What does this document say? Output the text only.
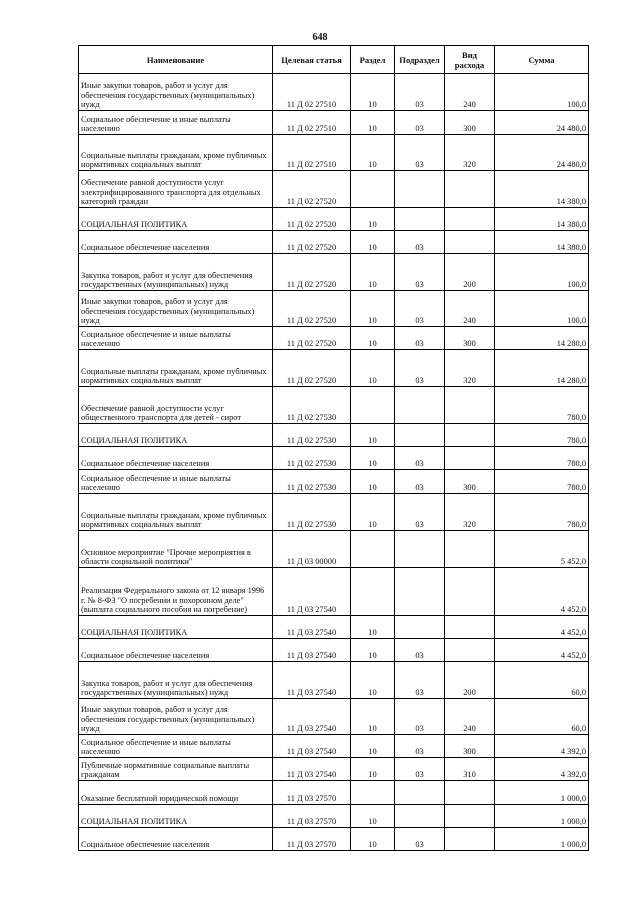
648
Наименование	Целевая статья	Раздел	Подраздел	Вид расхода	Сумма
Иные закупки товаров, работ и услуг для обеспечения государственных (муниципальных) нужд	11 Д 02 27510	10	03	240	100,0
Социальное обеспечение и иные выплаты населению	11 Д 02 27510	10	03	300	24 480,0
Социальные выплаты гражданам, кроме публичных нормативных социальных выплат	11 Д 02 27510	10	03	320	24 480,0
Обеспечение равной доступности услуг электрифицированного транспорта для отдельных категорий граждан	11 Д 02 27520				14 380,0
СОЦИАЛЬНАЯ ПОЛИТИКА	11 Д 02 27520	10			14 380,0
Социальное обеспечение населения	11 Д 02 27520	10	03		14 380,0
Закупка товаров, работ и услуг для обеспечения государственных (муниципальных) нужд	11 Д 02 27520	10	03	200	100,0
Иные закупки товаров, работ и услуг для обеспечения государственных (муниципальных) нужд	11 Д 02 27520	10	03	240	100,0
Социальное обеспечение и иные выплаты населению	11 Д 02 27520	10	03	300	14 280,0
Социальные выплаты гражданам, кроме публичных нормативных социальных выплат	11 Д 02 27520	10	03	320	14 280,0
Обеспечение равной доступности услуг общественного транспорта для детей - сирот	11 Д 02 27530				780,0
СОЦИАЛЬНАЯ ПОЛИТИКА	11 Д 02 27530	10			780,0
Социальное обеспечение населения	11 Д 02 27530	10	03		780,0
Социальное обеспечение и иные выплаты населению	11 Д 02 27530	10	03	300	780,0
Социальные выплаты гражданам, кроме публичных нормативных социальных выплат	11 Д 02 27530	10	03	320	780,0
Основное мероприятие "Прочие мероприятия в области социальной политики"	11 Д 03 00000				5 452,0
Реализация Федерального закона от 12 января 1996 г. № 8-ФЗ "О погребении и похоронном деле" (выплата социального пособия на погребение)	11 Д 03 27540				4 452,0
СОЦИАЛЬНАЯ ПОЛИТИКА	11 Д 03 27540	10			4 452,0
Социальное обеспечение населения	11 Д 03 27540	10	03		4 452,0
Закупка товаров, работ и услуг для обеспечения государственных (муниципальных) нужд	11 Д 03 27540	10	03	200	60,0
Иные закупки товаров, работ и услуг для обеспечения государственных (муниципальных) нужд	11 Д 03 27540	10	03	240	60,0
Социальное обеспечение и иные выплаты населению	11 Д 03 27540	10	03	300	4 392,0
Публичные нормативные социальные выплаты гражданам	11 Д 03 27540	10	03	310	4 392,0
Оказание бесплатной юридической помощи	11 Д 03 27570				1 000,0
СОЦИАЛЬНАЯ ПОЛИТИКА	11 Д 03 27570	10			1 000,0
Социальное обеспечение населения	11 Д 03 27570	10	03		1 000,0
